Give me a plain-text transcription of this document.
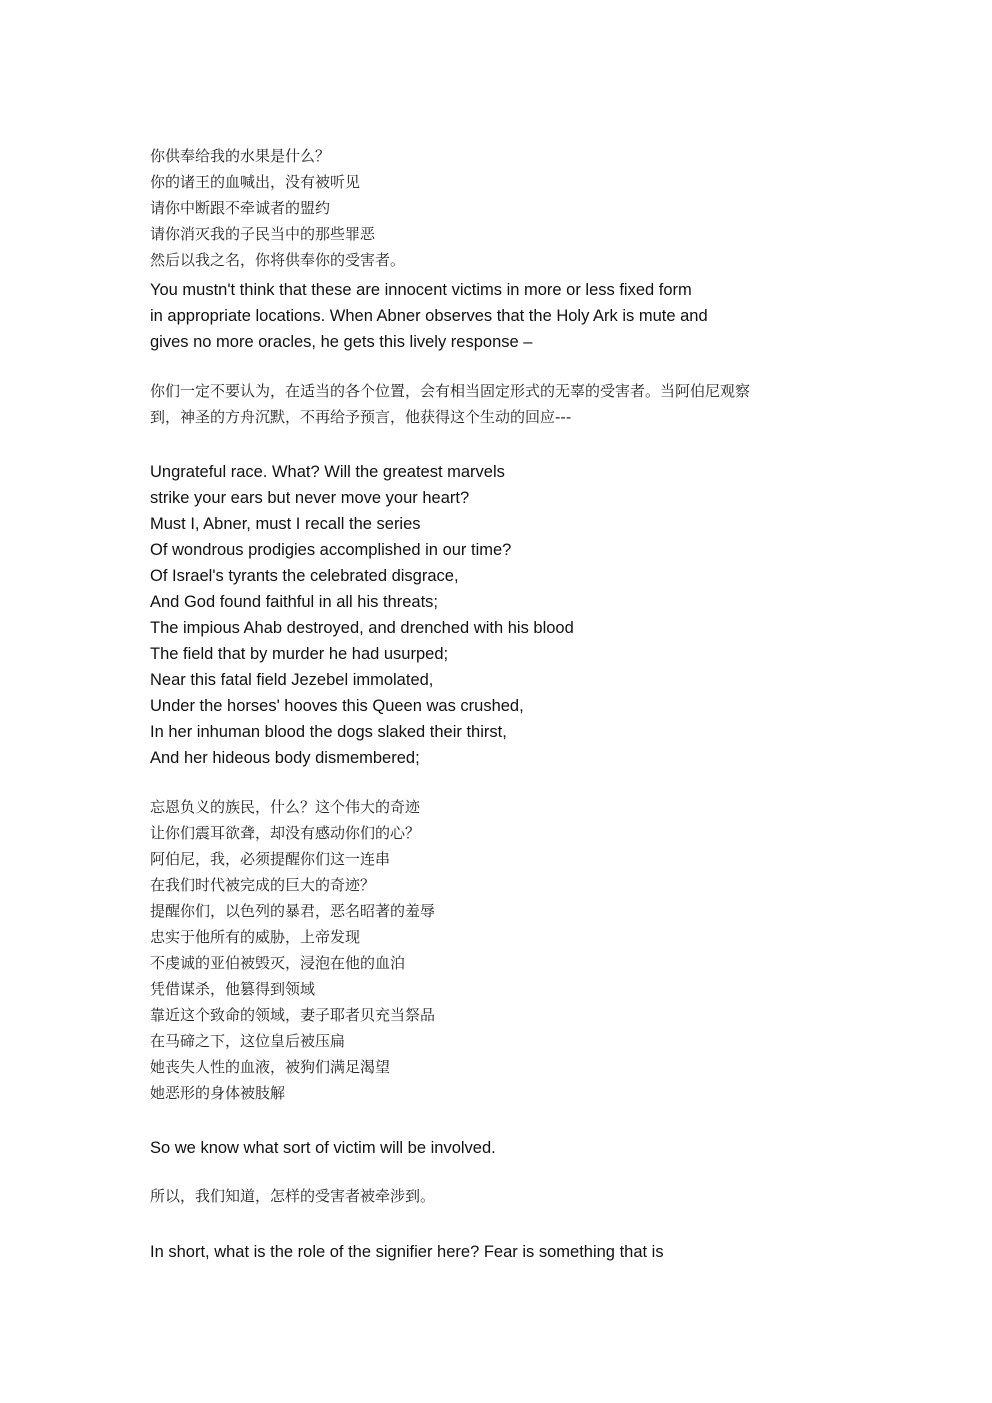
你供奉给我的水果是什么？
你的诸王的血喊出，没有被听见
请你中断跟不牵诚者的盟约
请你消灭我的子民当中的那些罪恶
然后以我之名，你将供奉你的受害者。
You mustn't think that these are innocent victims in more or less fixed form
in appropriate locations. When Abner observes that the Holy Ark is mute and
gives no more oracles, he gets this lively response –
你们一定不要认为，在适当的各个位置，会有相当固定形式的无辜的受害者。当阿伯尼观察
到，神圣的方舟沉默，不再给予预言，他获得这个生动的回应---
Ungrateful race. What? Will the greatest marvels
strike your ears but never move your heart?
Must I, Abner, must I recall the series
Of wondrous prodigies accomplished in our time?
Of Israel's tyrants the celebrated disgrace,
And God found faithful in all his threats;
The impious Ahab destroyed, and drenched with his blood
The field that by murder he had usurped;
Near this fatal field Jezebel immolated,
Under the horses' hooves this Queen was crushed,
In her inhuman blood the dogs slaked their thirst,
And her hideous body dismembered;
忘恩负义的族民，什么？这个伟大的奇迹
让你们震耳欲聋，却没有感动你们的心？
阿伯尼，我，必须提醒你们这一连串
在我们时代被完成的巨大的奇迹？
提醒你们，以色列的暴君，恶名昭著的羞辱
忠实于他所有的威胁，上帝发现
不虔诚的亚伯被毁灭，浸泡在他的血泊
凭借谋杀，他篡得到领域
靠近这个致命的领域，妻子耶者贝充当祭品
在马碲之下，这位皇后被压扁
她丧失人性的血液，被狗们满足渴望
她恶形的身体被肢解
So we know what sort of victim will be involved.
所以，我们知道，怎样的受害者被牵涉到。
In short, what is the role of the signifier here? Fear is something that is
